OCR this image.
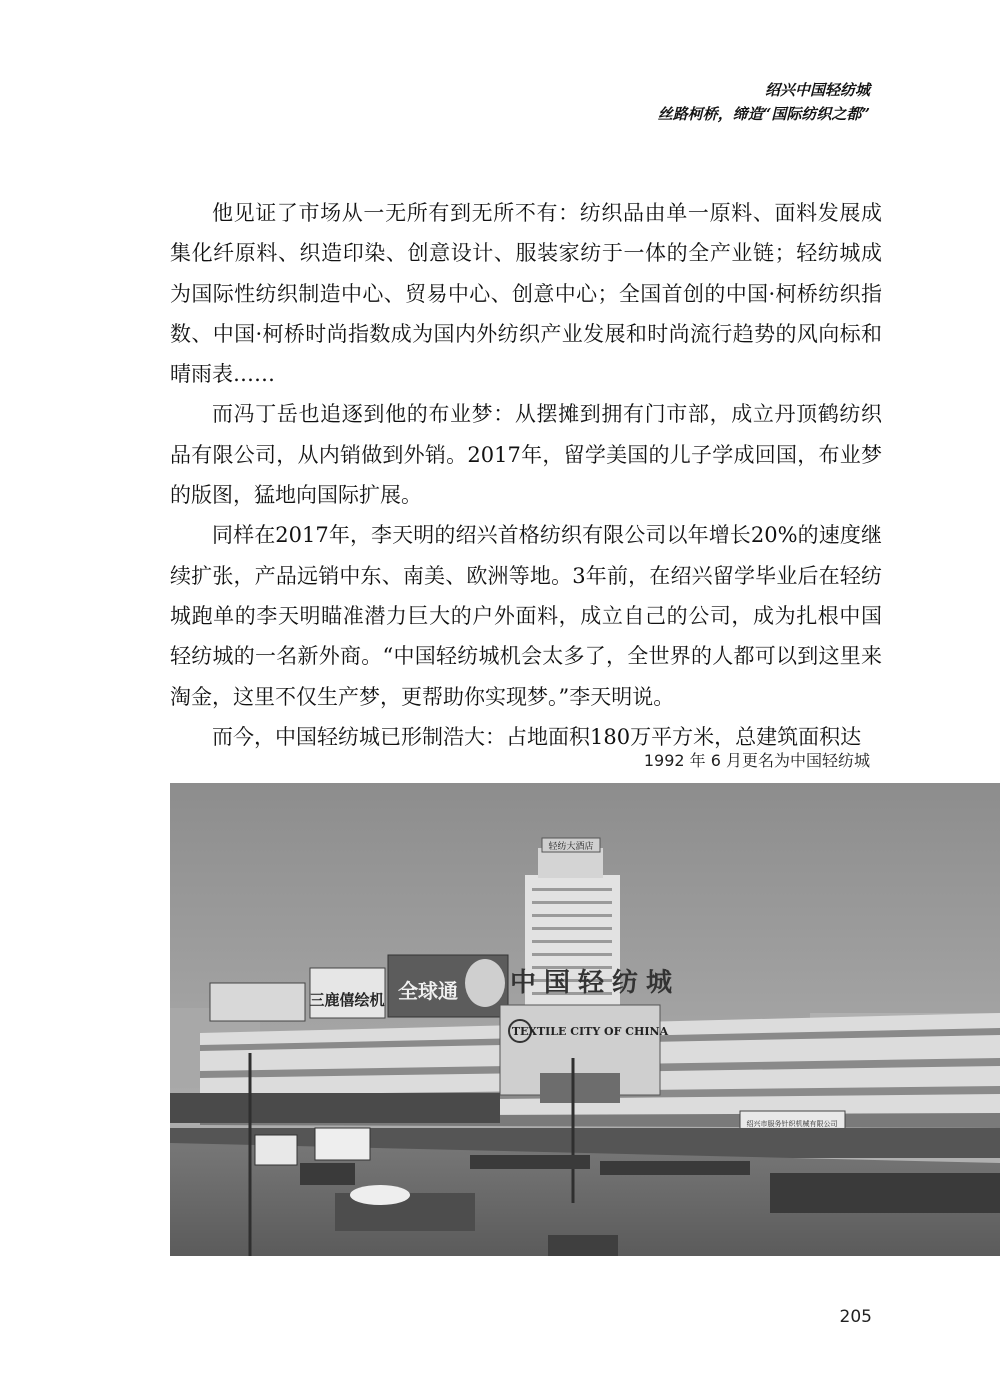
绍兴中国轻纺城
丝路柯桥，缔造“国际纺织之都”

他见证了市场从一无所有到无所不有：纺织品由单一原料、面料发展成集化纤原料、织造印染、创意设计、服装家纺于一体的全产业链；轻纺城成为国际性纺织制造中心、贸易中心、创意中心；全国首创的中国·柯桥纺织指数、中国·柯桥时尚指数成为国内外纺织产业发展和时尚流行趋势的风向标和晴雨表……

而冯丁岳也追逐到他的布业梦：从摆摊到拥有门市部，成立丹顶鹤纺织品有限公司，从内销做到外销。2017年，留学美国的儿子学成回国，布业梦的版图，猛地向国际扩展。

同样在2017年，李天明的绍兴首格纺织有限公司以年增长20%的速度继续扩张，产品远销中东、南美、欧洲等地。3年前，在绍兴留学毕业后在轻纺城跑单的李天明瞄准潜力巨大的户外面料，成立自己的公司，成为扎根中国轻纺城的一名新外商。“中国轻纺城机会太多了，全世界的人都可以到这里来淘金，这里不仅生产梦，更帮助你实现梦。”李天明说。

而今，中国轻纺城已形制浩大：占地面积180万平方米，总建筑面积达

1992 年 6 月更名为中国轻纺城
轻纺大酒店
三鹿僖绘机 全球通 中国轻纺城
TEXTILE CITY OF CHINA
绍兴市服务针织机械有限公司
205
